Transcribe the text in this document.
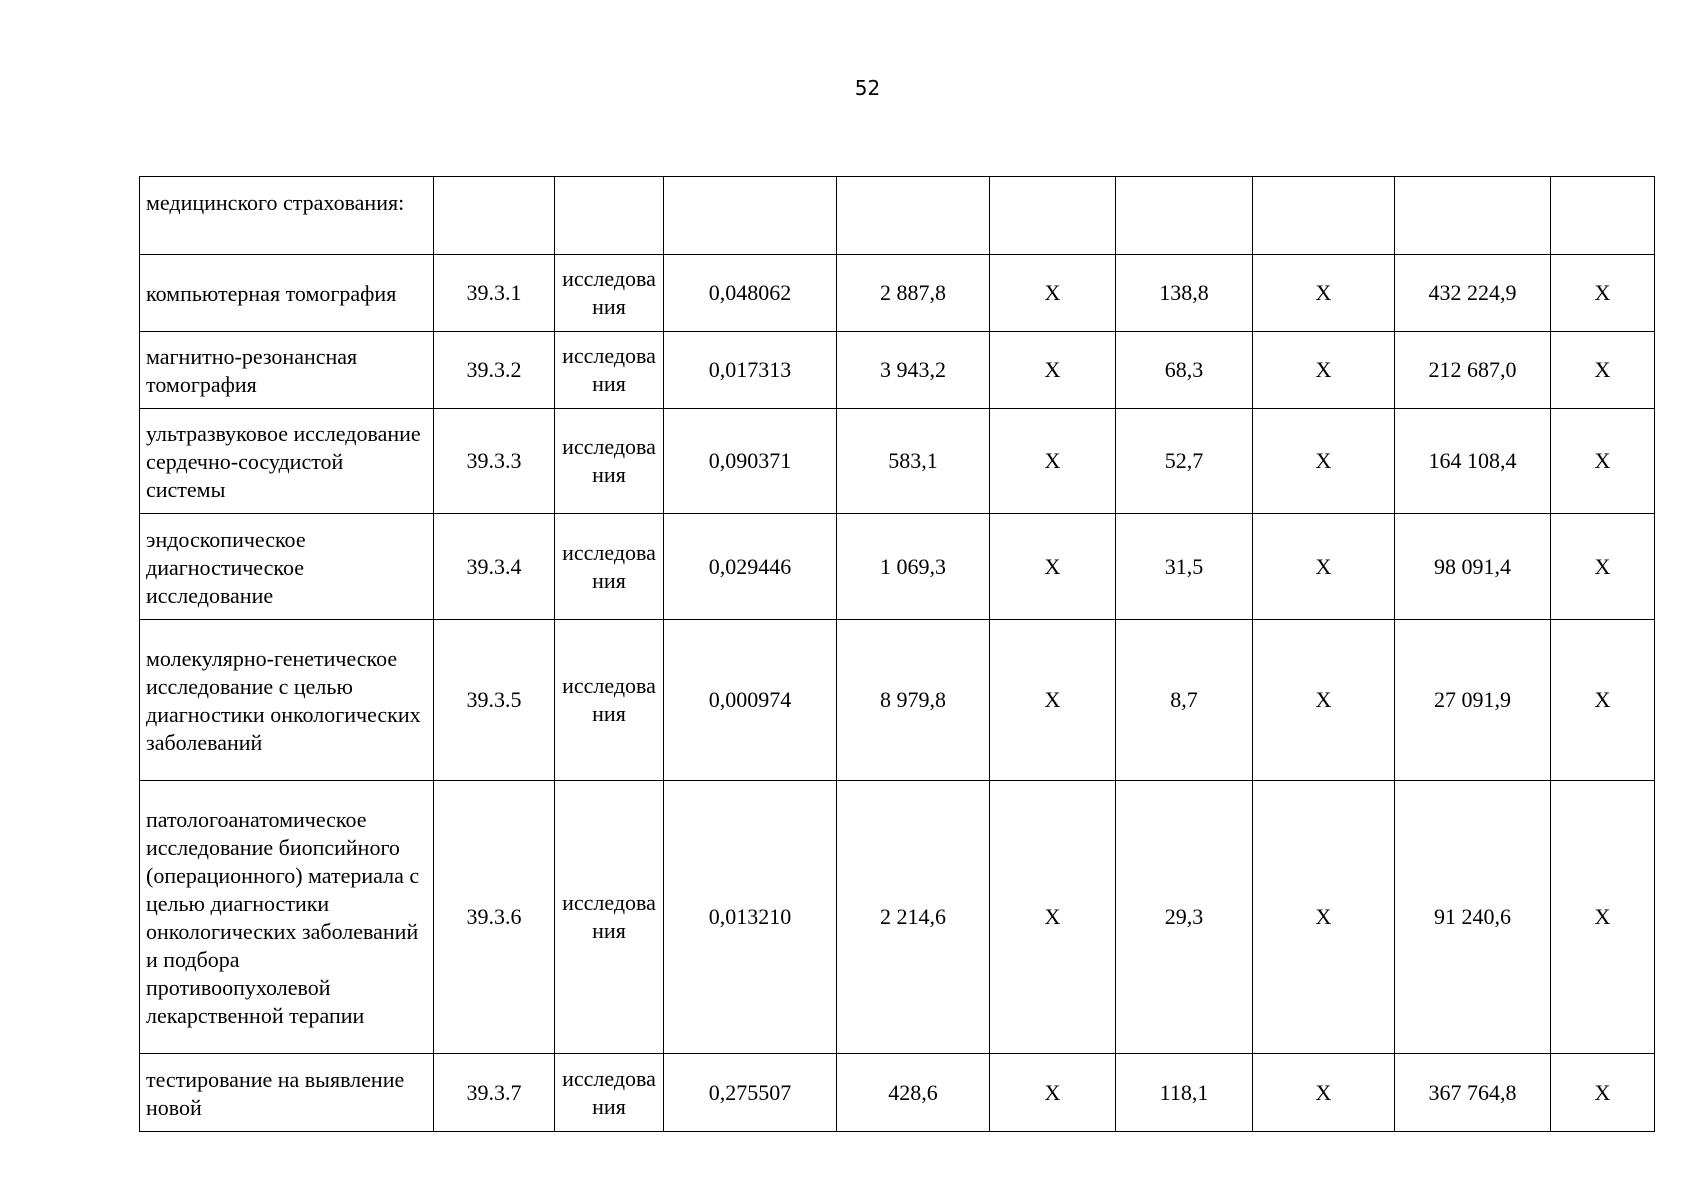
52
медицинского страхования:									
компьютерная томография	39.3.1	исследования	0,048062	2 887,8	Х	138,8	Х	432 224,9	Х
магнитно-резонансная томография	39.3.2	исследования	0,017313	3 943,2	Х	68,3	Х	212 687,0	Х
ультразвуковое исследование сердечно-сосудистой системы	39.3.3	исследования	0,090371	583,1	Х	52,7	Х	164 108,4	Х
эндоскопическое диагностическое исследование	39.3.4	исследования	0,029446	1 069,3	Х	31,5	Х	98 091,4	Х
молекулярно-генетическое исследование с целью диагностики онкологических заболеваний	39.3.5	исследования	0,000974	8 979,8	Х	8,7	Х	27 091,9	Х
патологоанатомическое исследование биопсийного (операционного) материала с целью диагностики онкологических заболеваний и подбора противоопухолевой лекарственной терапии	39.3.6	исследования	0,013210	2 214,6	Х	29,3	Х	91 240,6	Х
тестирование на выявление новой	39.3.7	исследования	0,275507	428,6	Х	118,1	Х	367 764,8	Х
